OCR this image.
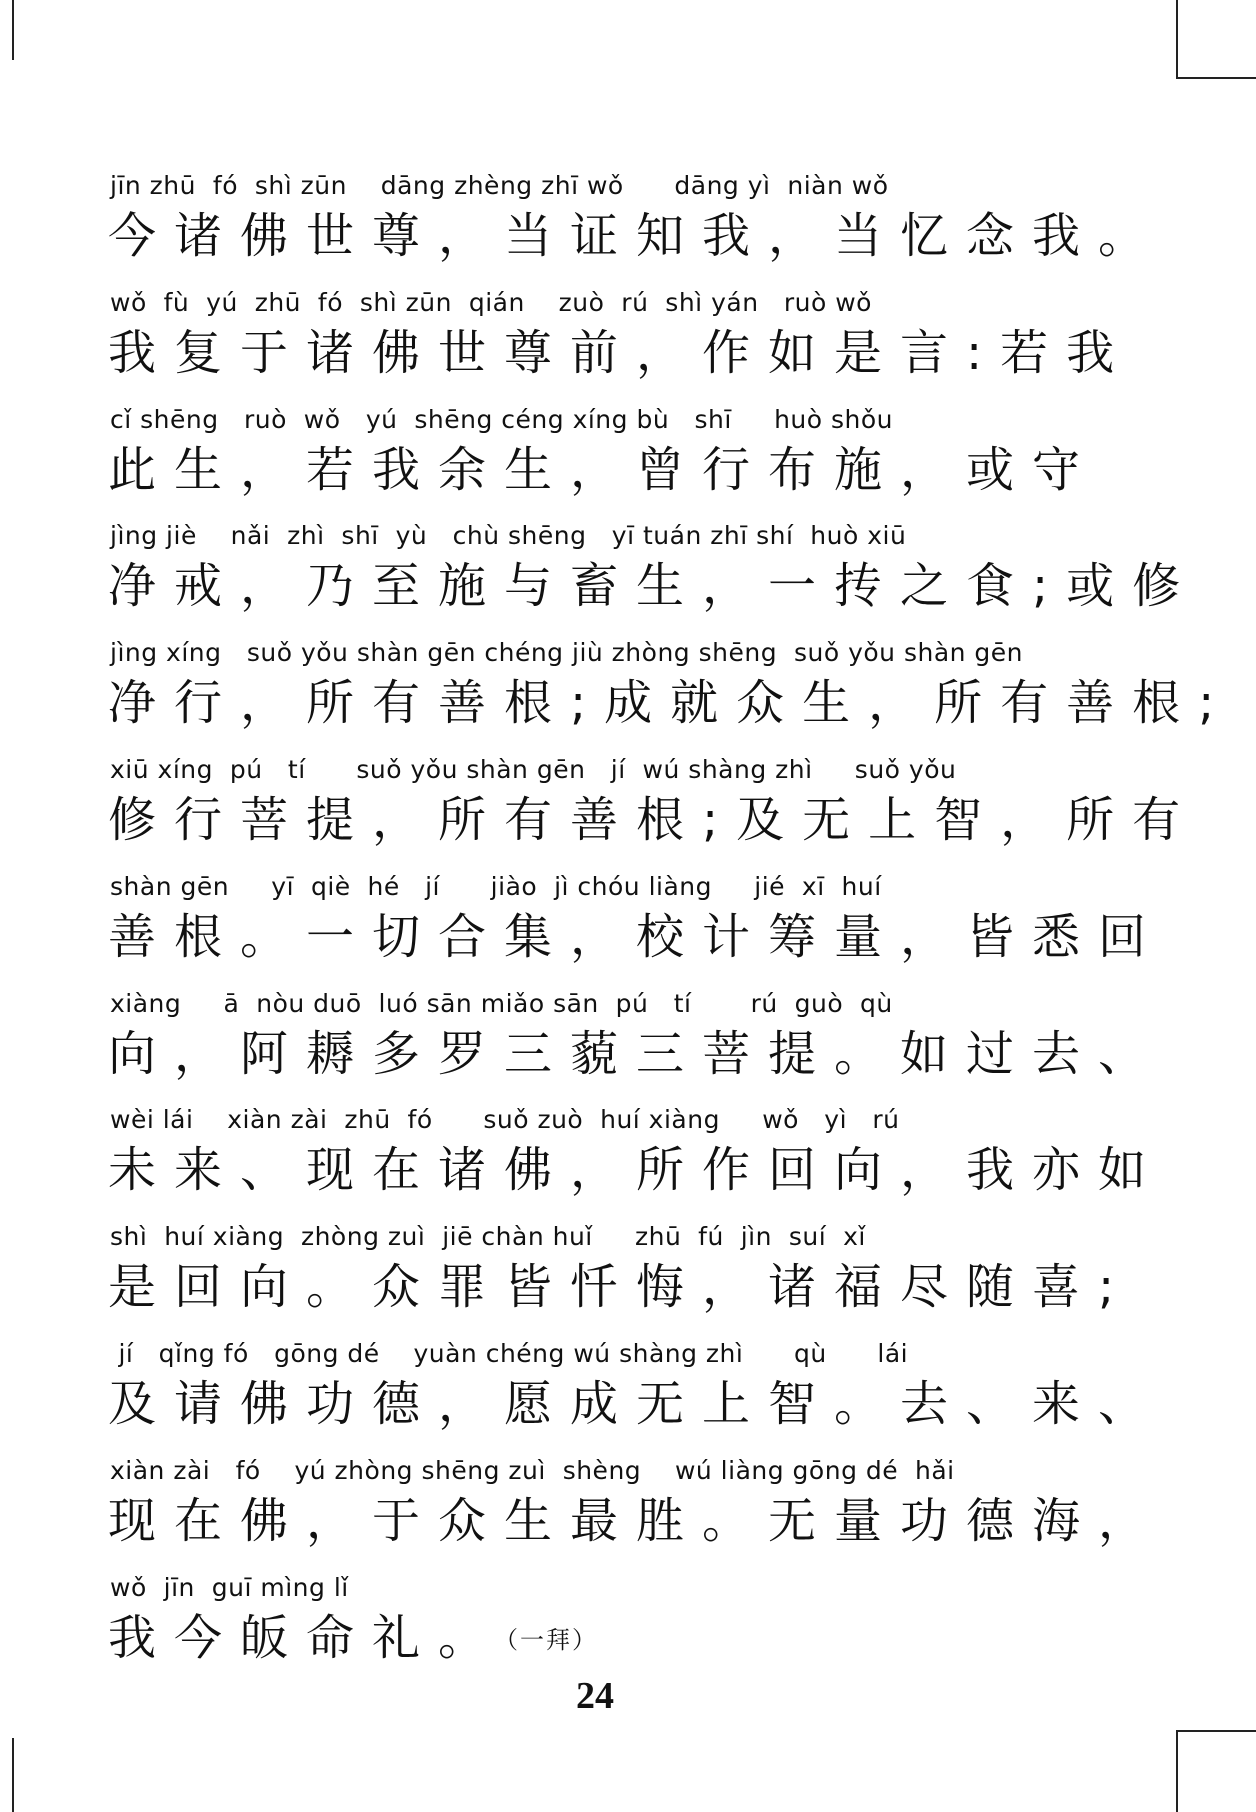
jīn zhū  fó  shì zūn    dāng zhèng zhī wǒ      dāng yì  niàn wǒ
今诸佛世尊，当证知我，当忆念我。
wǒ  fù  yú  zhū  fó  shì zūn  qián    zuò  rú  shì yán   ruò wǒ
我复于诸佛世尊前，作如是言:若我
cǐ shēng   ruò  wǒ   yú  shēng céng xíng bù   shī     huò shǒu
此生，若我余生，曾行布施，或守
jìng jiè    nǎi  zhì  shī  yù   chù shēng   yī tuán zhī shí  huò xiū
净戒，乃至施与畜生，一抟之食;或修
jìng xíng   suǒ yǒu shàn gēn chéng jiù zhòng shēng  suǒ yǒu shàn gēn
净行，所有善根;成就众生，所有善根;
xiū xíng  pú   tí      suǒ yǒu shàn gēn   jí  wú shàng zhì     suǒ yǒu
修行菩提，所有善根;及无上智，所有
shàn gēn     yī  qiè  hé   jí      jiào  jì chóu liàng     jié  xī  huí
善根。一切合集，校计筹量，皆悉回
xiàng     ā  nòu duō  luó sān miǎo sān  pú   tí       rú  guò  qù
向，阿耨多罗三藐三菩提。如过去、
wèi lái    xiàn zài  zhū  fó      suǒ zuò  huí xiàng     wǒ   yì   rú
未来、现在诸佛，所作回向，我亦如
shì  huí xiàng  zhòng zuì  jiē chàn huǐ     zhū  fú  jìn  suí  xǐ
是回向。众罪皆忏悔，诸福尽随喜;
jí   qǐng fó   gōng dé    yuàn chéng wú shàng zhì      qù      lái
及请佛功德，愿成无上智。去、来、
xiàn zài   fó    yú zhòng shēng zuì  shèng    wú liàng gōng dé  hǎi
现在佛，于众生最胜。无量功德海，
wǒ  jīn  guī mìng lǐ
我今皈命礼。（一拜）
24
